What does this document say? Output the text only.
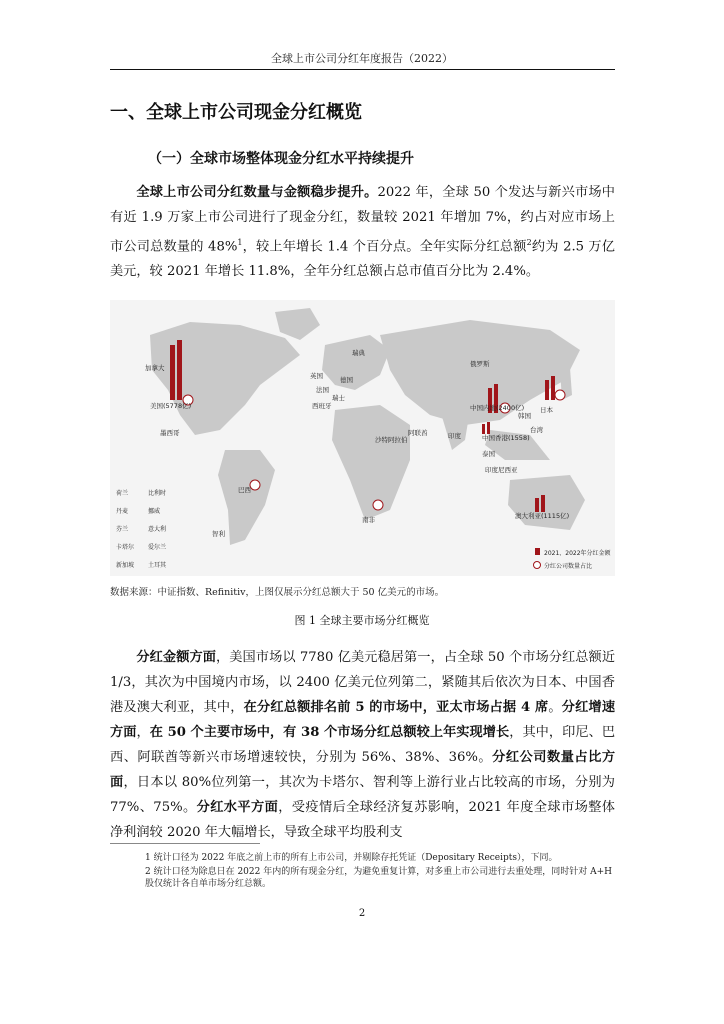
全球上市公司分红年度报告（2022）
一、全球上市公司现金分红概览
（一）全球市场整体现金分红水平持续提升
全球上市公司分红数量与金额稳步提升。2022 年，全球 50 个发达与新兴市场中有近 1.9 万家上市公司进行了现金分红，数量较 2021 年增加 7%，约占对应市场上市公司总数量的 48%$^1$，较上年增长 1.4 个百分点。全年实际分红总额$^2$约为 2.5 万亿美元，较 2021 年增长 11.8%，全年分红总额占总市值百分比为 2.4%。
加拿大
美国(5778亿)
墨西哥
巴西
智利
南非
英国
法国
德国
瑞士
西班牙
瑞典
俄罗斯
中国内地(2400亿) 日本
韩国
中国香港(1558)
台湾
印度
沙特阿拉伯
阿联酋
印度尼西亚
泰国
澳大利亚(1115亿)
荷兰	比利时
丹麦	挪威
芬兰	意大利
卡塔尔 爱尔兰
新加坡 土耳其
2021、2022年分红金额
分红公司数量占比
数据来源：中证指数、Refinitiv，上图仅展示分红总额大于 50 亿美元的市场。
图 1 全球主要市场分红概览
分红金额方面，美国市场以 7780 亿美元稳居第一，占全球 50 个市场分红总额近 1/3，其次为中国境内市场，以 2400 亿美元位列第二，紧随其后依次为日本、中国香港及澳大利亚，其中，在分红总额排名前 5 的市场中，亚太市场占据 4 席。分红增速方面，在 50 个主要市场中，有 38 个市场分红总额较上年实现增长，其中，印尼、巴西、阿联酋等新兴市场增速较快，分别为 56%、38%、36%。分红公司数量占比方面，日本以 80%位列第一，其次为卡塔尔、智利等上游行业占比较高的市场，分别为 77%、75%。分红水平方面，受疫情后全球经济复苏影响，2021 年度全球市场整体净利润较 2020 年大幅增长，导致全球平均股利支
1 统计口径为 2022 年底之前上市的所有上市公司，并剔除存托凭证（Depositary Receipts），下同。
2 统计口径为除息日在 2022 年内的所有现金分红，为避免重复计算，对多重上市公司进行去重处理，同时针对 A+H 股仅统计各自单市场分红总额。
2
